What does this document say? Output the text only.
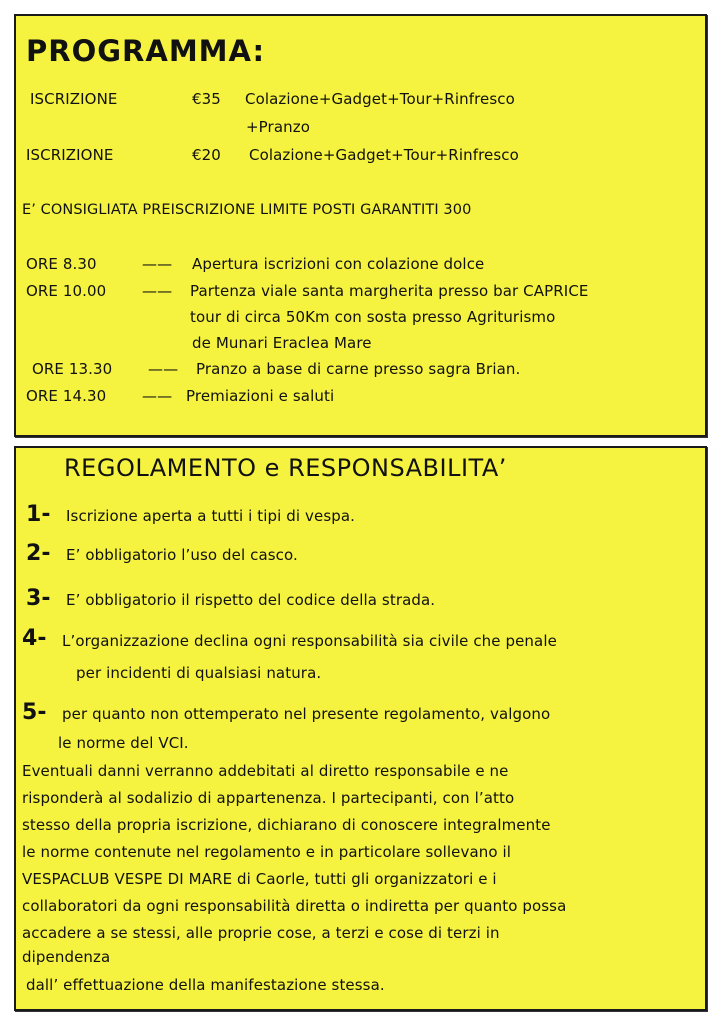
PROGRAMMA:
ISCRIZIONE	€35 Colazione+Gadget+Tour+Rinfresco
+Pranzo
ISCRIZIONE	€20 Colazione+Gadget+Tour+Rinfresco
E’ CONSIGLIATA PREISCRIZIONE LIMITE POSTI GARANTITI 300
ORE 8.30	—— Apertura iscrizioni con colazione dolce
ORE 10.00 —— Partenza viale santa margherita presso bar CAPRICE
tour di circa 50Km con sosta presso Agriturismo
de Munari Eraclea Mare
ORE 13.30 —— Pranzo a base di carne presso sagra Brian.
ORE 14.30 —— Premiazioni e saluti
REGOLAMENTO e RESPONSABILITA’
1- Iscrizione aperta a tutti i tipi di vespa.
2- E’ obbligatorio l’uso del casco.
3- E’ obbligatorio il rispetto del codice della strada.
4- L’organizzazione declina ogni responsabilità sia civile che penale
per incidenti di qualsiasi natura.
5- per quanto non ottemperato nel presente regolamento, valgono
le norme del VCI.
Eventuali danni verranno addebitati al diretto responsabile e ne
risponderà al sodalizio di appartenenza. I partecipanti, con l’atto
stesso della propria iscrizione, dichiarano di conoscere integralmente
le norme contenute nel regolamento e in particolare sollevano il
VESPACLUB VESPE DI MARE di Caorle, tutti gli organizzatori e i
collaboratori da ogni responsabilità diretta o indiretta per quanto possa
accadere a se stessi, alle proprie cose, a terzi e cose di terzi in
dipendenza
dall’ effettuazione della manifestazione stessa.
